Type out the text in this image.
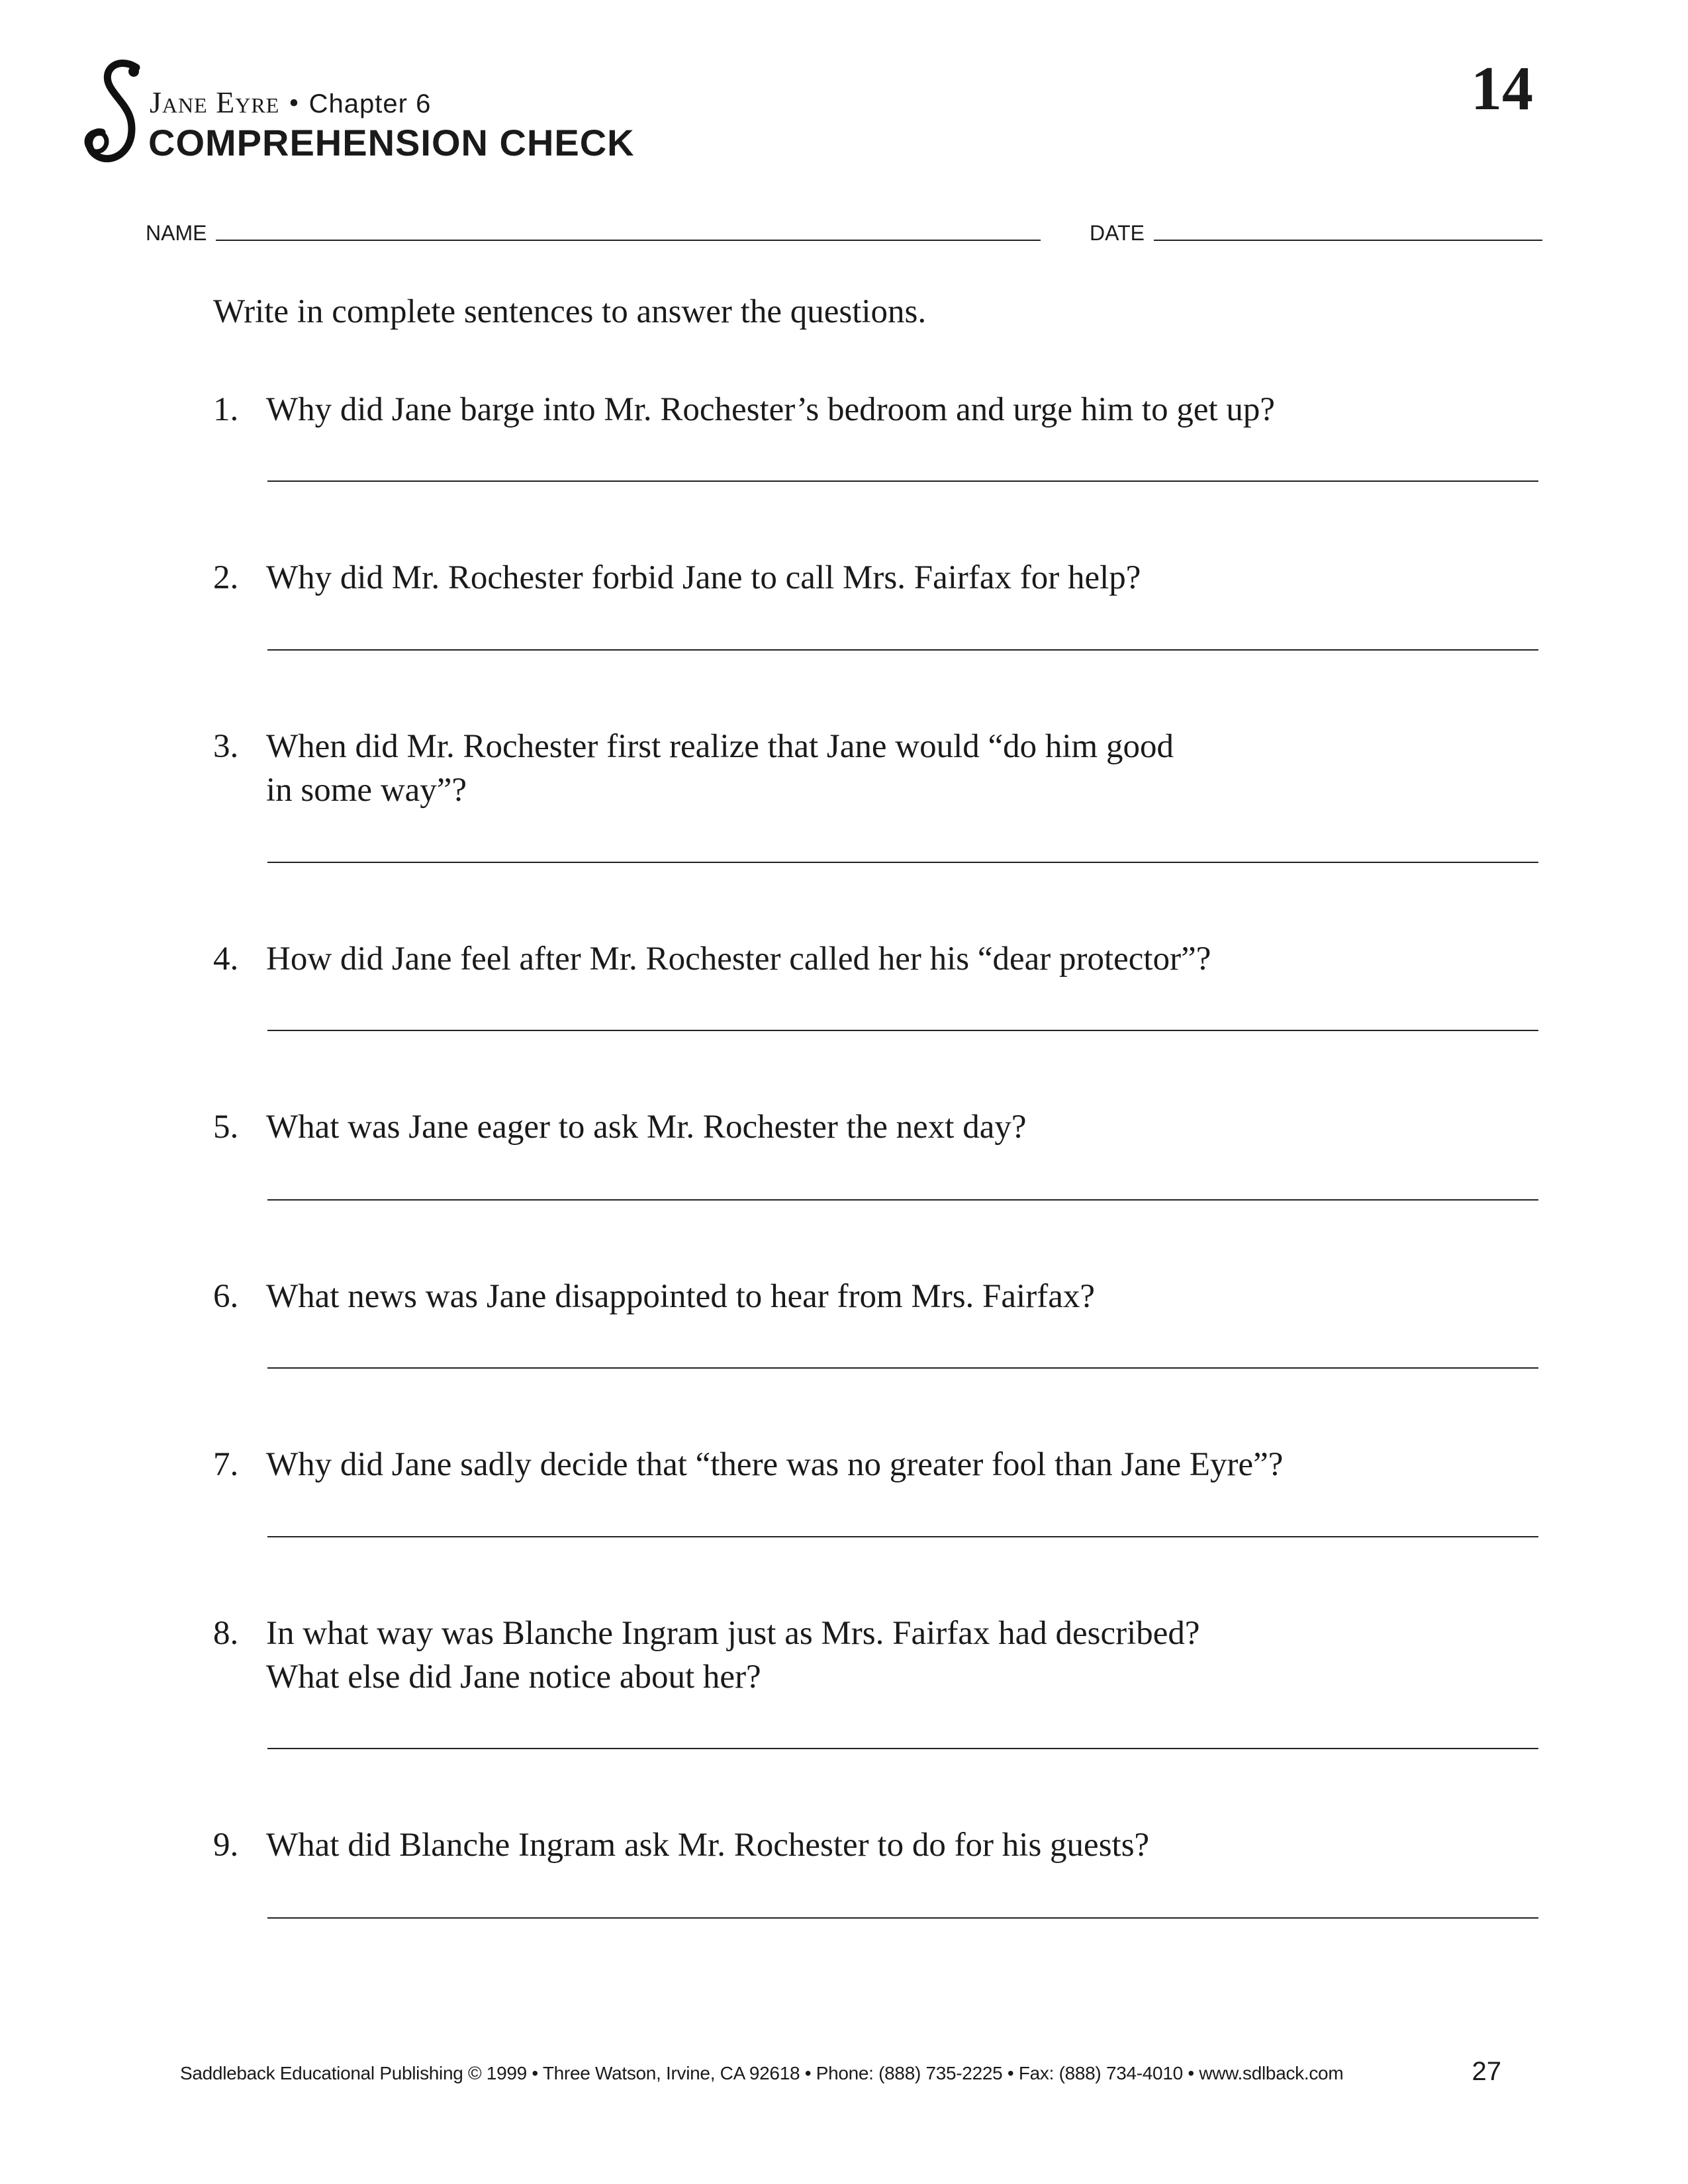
Jane Eyre • Chapter 6
COMPREHENSION CHECK
14
NAME	DATE
Write in complete sentences to answer the questions.
1. Why did Jane barge into Mr. Rochester’s bedroom and urge him to get up?
2. Why did Mr. Rochester forbid Jane to call Mrs. Fairfax for help?
3. When did Mr. Rochester first realize that Jane would “do him good
in some way”?
4. How did Jane feel after Mr. Rochester called her his “dear protector”?
5. What was Jane eager to ask Mr. Rochester the next day?
6. What news was Jane disappointed to hear from Mrs. Fairfax?
7. Why did Jane sadly decide that “there was no greater fool than Jane Eyre”?
8. In what way was Blanche Ingram just as Mrs. Fairfax had described?
What else did Jane notice about her?
9. What did Blanche Ingram ask Mr. Rochester to do for his guests?
Saddleback Educational Publishing © 1999 • Three Watson, Irvine, CA 92618 • Phone: (888) 735-2225 • Fax: (888) 734-4010 • www.sdlback.com	27
